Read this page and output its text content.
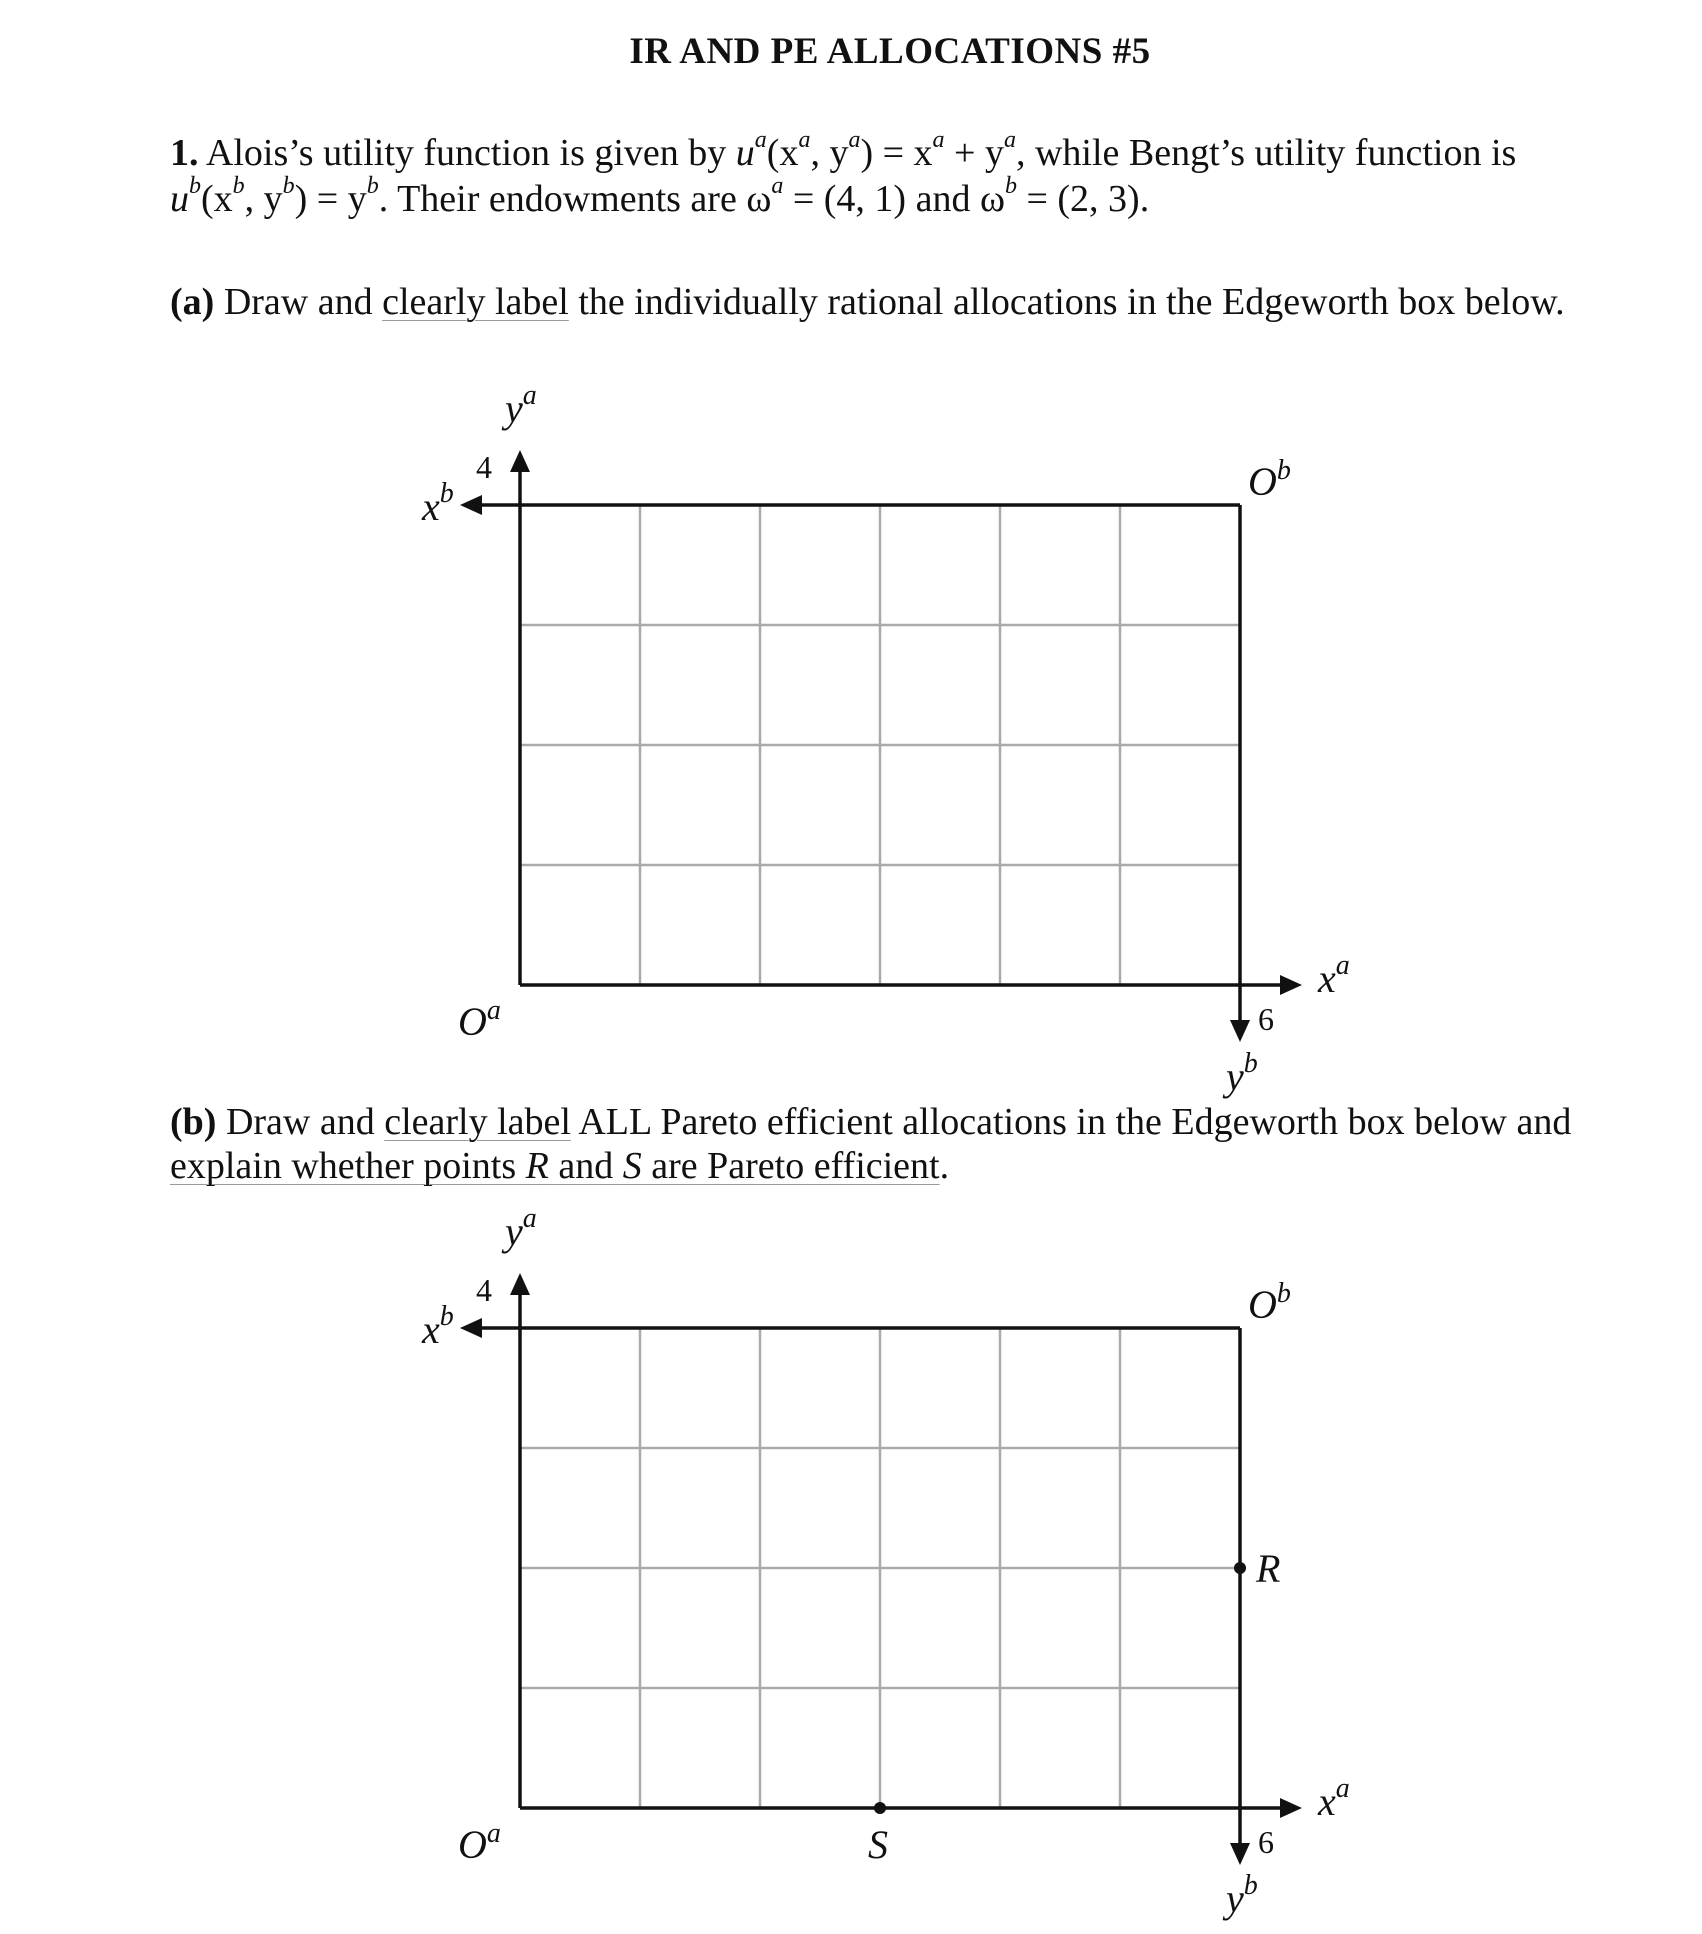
IR AND PE ALLOCATIONS #5
1. Alois’s utility function is given by $u^a(x^a$, $y^a) = x^a + y^a$, while Bengt’s utility function is $u^b(x^b$, $y^b) = y^b$. Their endowments are $\omega^a = (4$, 1) and $\omega^b = (2$, 3).
(a) Draw and clearly label the individually rational allocations in the Edgeworth box below.
$y^a$
4
$x^b$	$O^b$
$O^a$
$x^a$
6
$y^b$
(b) Draw and clearly label ALL Pareto efficient allocations in the Edgeworth box below and explain whether points R and S are Pareto efficient.
R
S
$y^a$
4
$x^b$	$O^b$
$O^a$
$x^a$
6
$y^b$
